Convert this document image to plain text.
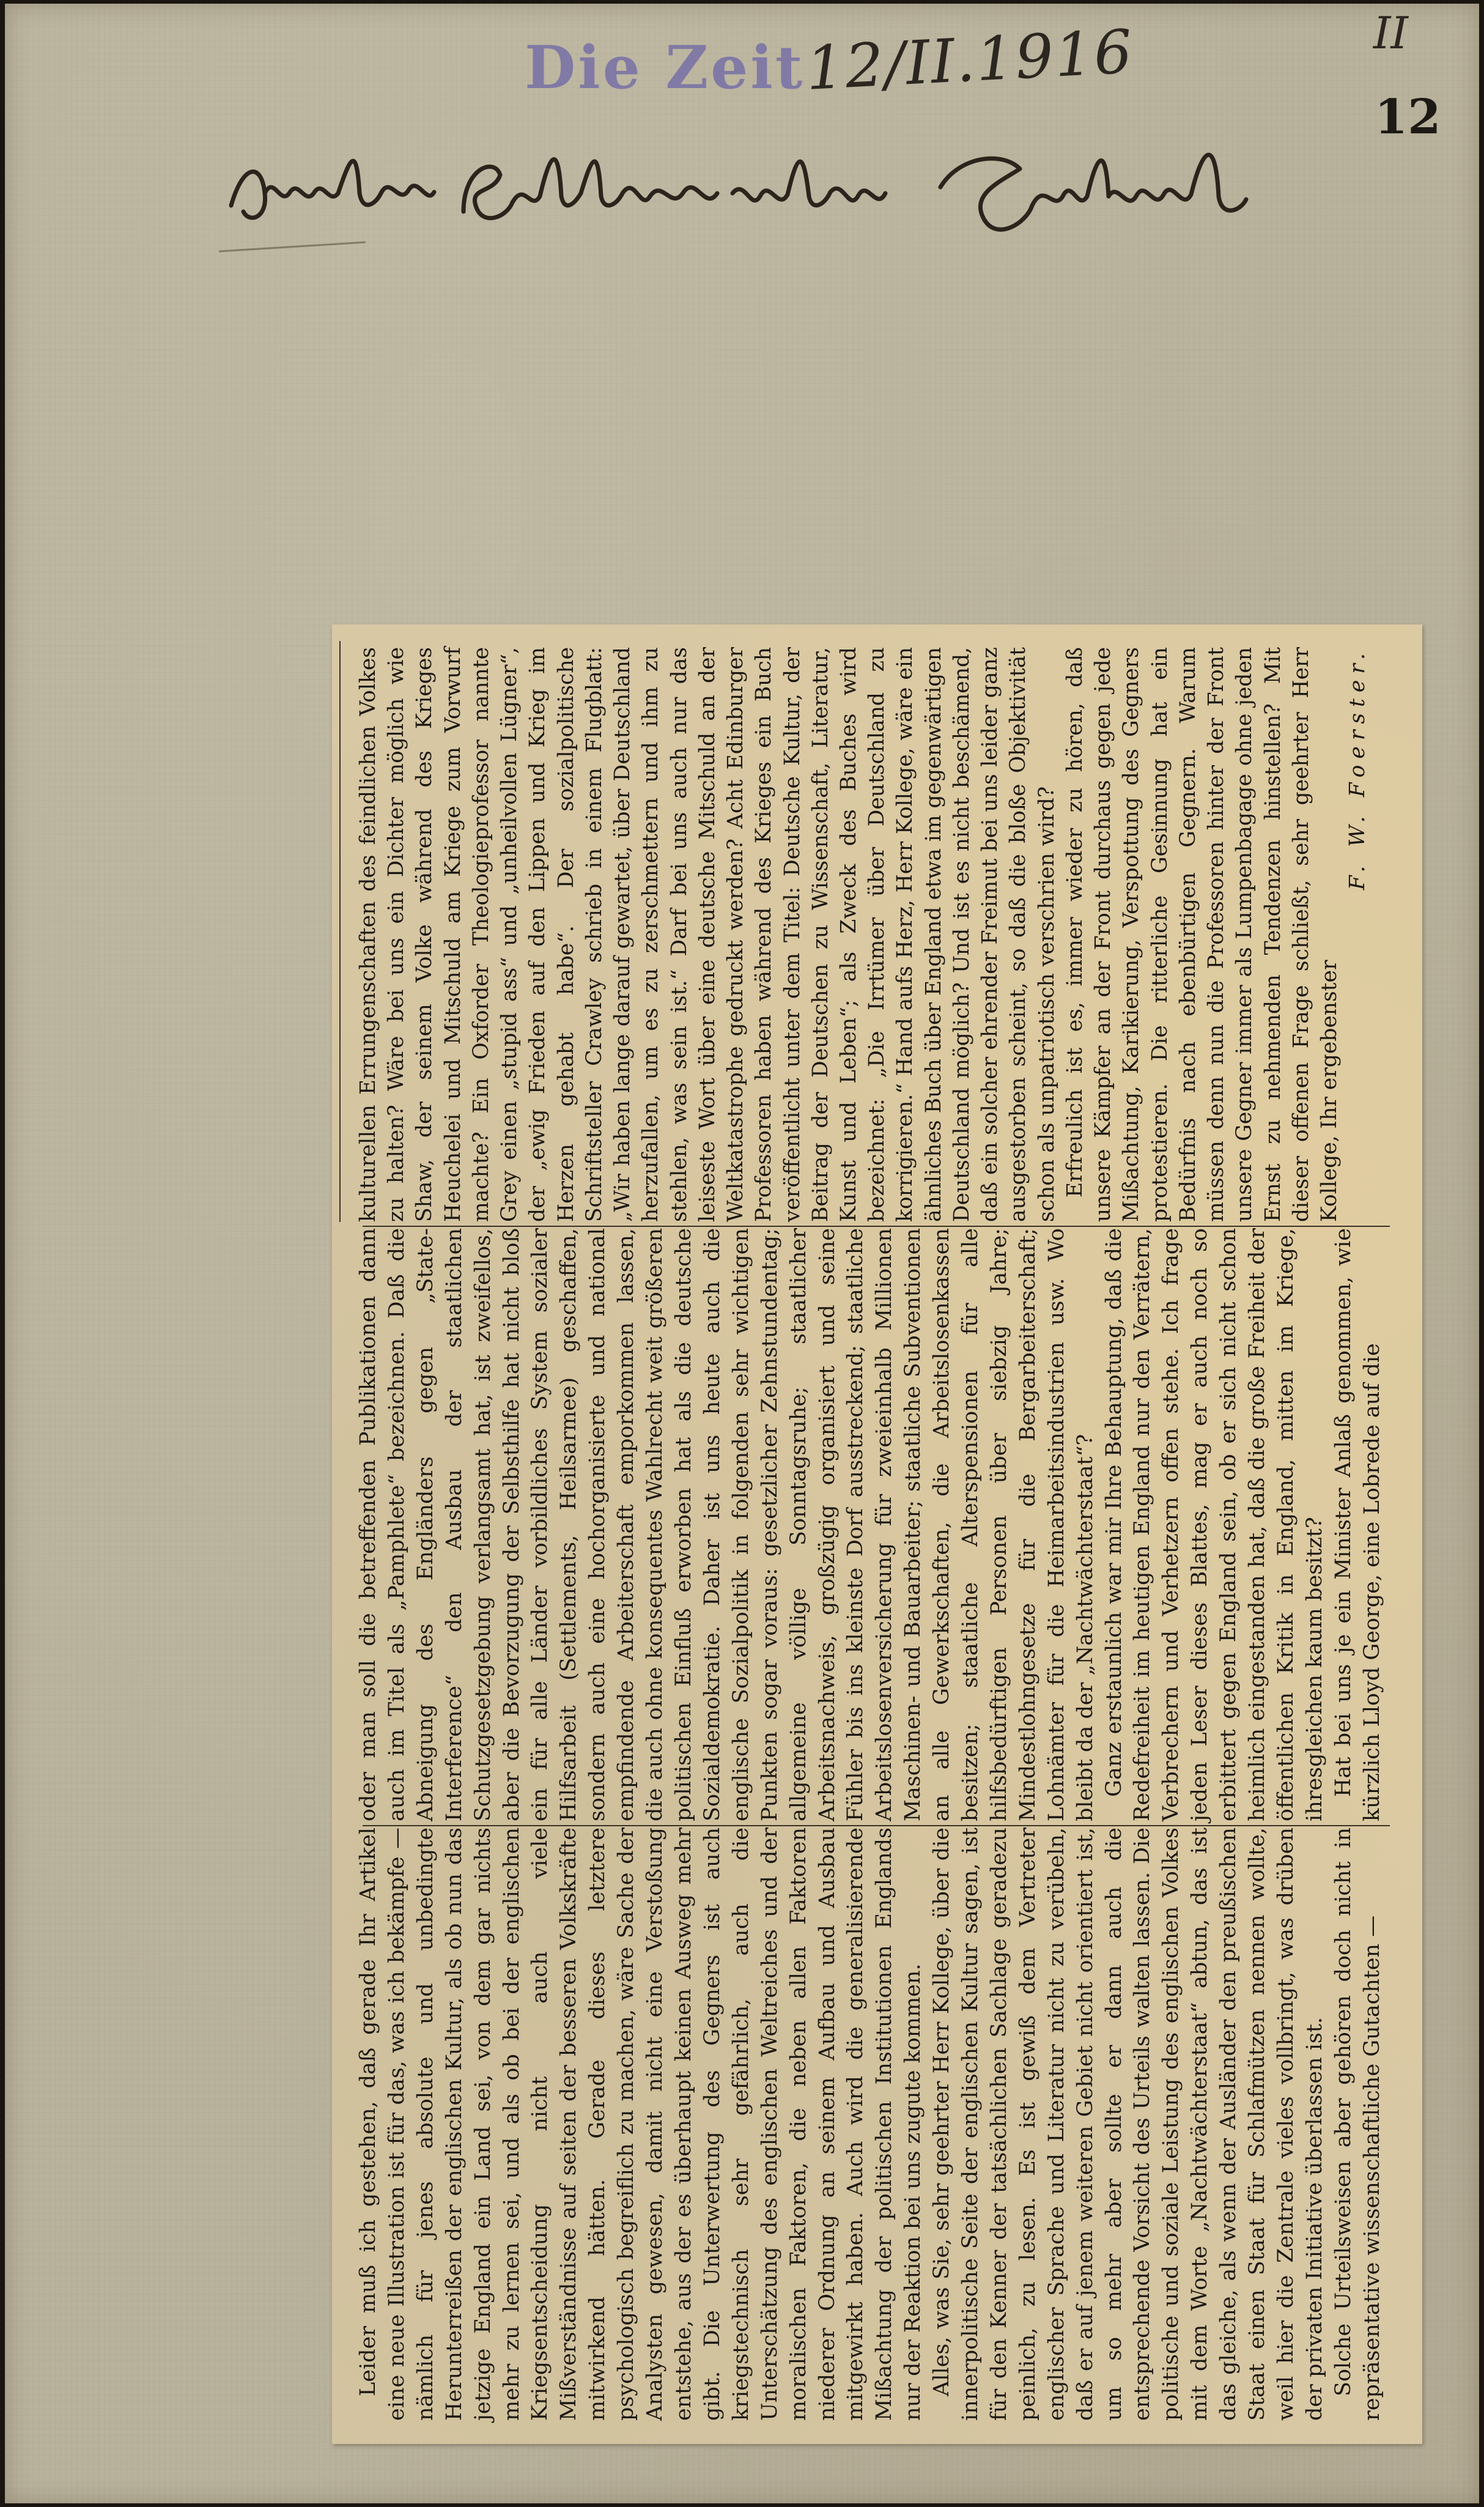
Die Zeit 12/II.1916	II
12

Leider muß ich gestehen, daß gerade Ihr Artikel eine neue Illustration ist für das, was ich bekämpfe — nämlich für jenes absolute und unbedingte Herunterreißen der englischen Kultur, als ob nun das jetzige England ein Land sei, von dem gar nichts mehr zu lernen sei, und als ob bei der englischen Kriegsentscheidung nicht auch viele Mißverständnisse auf seiten der besseren Volkskräfte mitwirkend hätten. Gerade dieses letztere psychologisch begreiflich zu machen, wäre Sache der Analysten gewesen, damit nicht eine Verstoßung entstehe, aus der es überhaupt keinen Ausweg mehr gibt. Die Unterwertung des Gegners ist auch kriegstechnisch sehr gefährlich, auch die Unterschätzung des englischen Weltreiches und der moralischen Faktoren, die neben allen Faktoren niederer Ordnung an seinem Aufbau und Ausbau mitgewirkt haben. Auch wird die generalisierende Mißachtung der politischen Institutionen Englands nur der Reaktion bei uns zugute kommen. Alles, was Sie, sehr geehrter Herr Kollege, über die innerpolitische Seite der englischen Kultur sagen, ist für den Kenner der tatsächlichen Sachlage geradezu peinlich, zu lesen. Es ist gewiß dem Vertreter englischer Sprache und Literatur nicht zu verübeln, daß er auf jenem weiteren Gebiet nicht orientiert ist, um so mehr aber sollte er dann auch die entsprechende Vorsicht des Urteils walten lassen. Die politische und soziale Leistung des englischen Volkes mit dem Worte „Nachtwächterstaat“ abtun, das ist das gleiche, als wenn der Ausländer den preußischen Staat einen Staat für Schlafmützen nennen wollte, weil hier die Zentrale vieles vollbringt, was drüben der privaten Initiative überlassen ist. Solche Urteilsweisen aber gehören doch nicht in repräsentative wissenschaftliche Gutachten —

oder man soll die betreffenden Publikationen dann auch im Titel als „Pamphlete“ bezeichnen. Daß die Abneigung des Engländers gegen „State-Interference“ den Ausbau der staatlichen Schutzgesetzgebung verlangsamt hat, ist zweifellos, aber die Bevorzugung der Selbsthilfe hat nicht bloß ein für alle Länder vorbildliches System sozialer Hilfsarbeit (Settlements, Heilsarmee) geschaffen, sondern auch eine hochorganisierte und national empfindende Arbeiterschaft emporkommen lassen, die auch ohne konsequentes Wahlrecht weit größeren politischen Einfluß erworben hat als die deutsche Sozialdemokratie. Daher ist uns heute auch die englische Sozialpolitik in folgenden sehr wichtigen Punkten sogar voraus: gesetzlicher Zehnstundentag; allgemeine völlige Sonntagsruhe; staatlicher Arbeitsnachweis, großzügig organisiert und seine Fühler bis ins kleinste Dorf ausstreckend; staatliche Arbeitslosenversicherung für zweieinhalb Millionen Maschinen- und Bauarbeiter; staatliche Subventionen an alle Gewerkschaften, die Arbeitslosenkassen besitzen; staatliche Alterspensionen für alle hilfsbedürftigen Personen über siebzig Jahre; Mindestlohngesetze für die Bergarbeiterschaft; Lohnämter für die Heimarbeitsindustrien usw. Wo bleibt da der „Nachtwächterstaat“? Ganz erstaunlich war mir Ihre Behauptung, daß die Redefreiheit im heutigen England nur den Verrätern, Verbrechern und Verhetzern offen stehe. Ich frage jeden Leser dieses Blattes, mag er auch noch so erbittert gegen England sein, ob er sich nicht schon heimlich eingestanden hat, daß die große Freiheit der öffentlichen Kritik in England, mitten im Kriege, ihresgleichen kaum besitzt? Hat bei uns je ein Minister Anlaß genommen, wie kürzlich Lloyd George, eine Lobrede auf die

kulturellen Errungenschaften des feindlichen Volkes zu halten? Wäre bei uns ein Dichter möglich wie Shaw, der seinem Volke während des Krieges Heuchelei und Mitschuld am Kriege zum Vorwurf machte? Ein Oxforder Theologieprofessor nannte Grey einen „stupid ass“ und „unheilvollen Lügner“, der „ewig Frieden auf den Lippen und Krieg im Herzen gehabt habe“. Der sozialpolitische Schriftsteller Crawley schrieb in einem Flugblatt: „Wir haben lange darauf gewartet, über Deutschland herzufallen, um es zu zerschmettern und ihm zu stehlen, was sein ist.“ Darf bei uns auch nur das leiseste Wort über eine deutsche Mitschuld an der Weltkatastrophe gedruckt werden? Acht Edinburger Professoren haben während des Krieges ein Buch veröffentlicht unter dem Titel: Deutsche Kultur, der Beitrag der Deutschen zu Wissenschaft, Literatur, Kunst und Leben“; als Zweck des Buches wird bezeichnet: „Die Irrtümer über Deutschland zu korrigieren.“ Hand aufs Herz, Herr Kollege, wäre ein ähnliches Buch über England etwa im gegenwärtigen Deutschland möglich? Und ist es nicht beschämend, daß ein solcher ehrender Freimut bei uns leider ganz ausgestorben scheint, so daß die bloße Objektivität schon als unpatriotisch verschrien wird? Erfreulich ist es, immer wieder zu hören, daß unsere Kämpfer an der Front durchaus gegen jede Mißachtung, Karikierung, Verspottung des Gegners protestieren. Die ritterliche Gesinnung hat ein Bedürfnis nach ebenbürtigen Gegnern. Warum müssen denn nun die Professoren hinter der Front unsere Gegner immer als Lumpenbagage ohne jeden Ernst zu nehmenden Tendenzen hinstellen? Mit dieser offenen Frage schließt, sehr geehrter Herr Kollege, Ihr ergebenster

F. W. Foerster.
